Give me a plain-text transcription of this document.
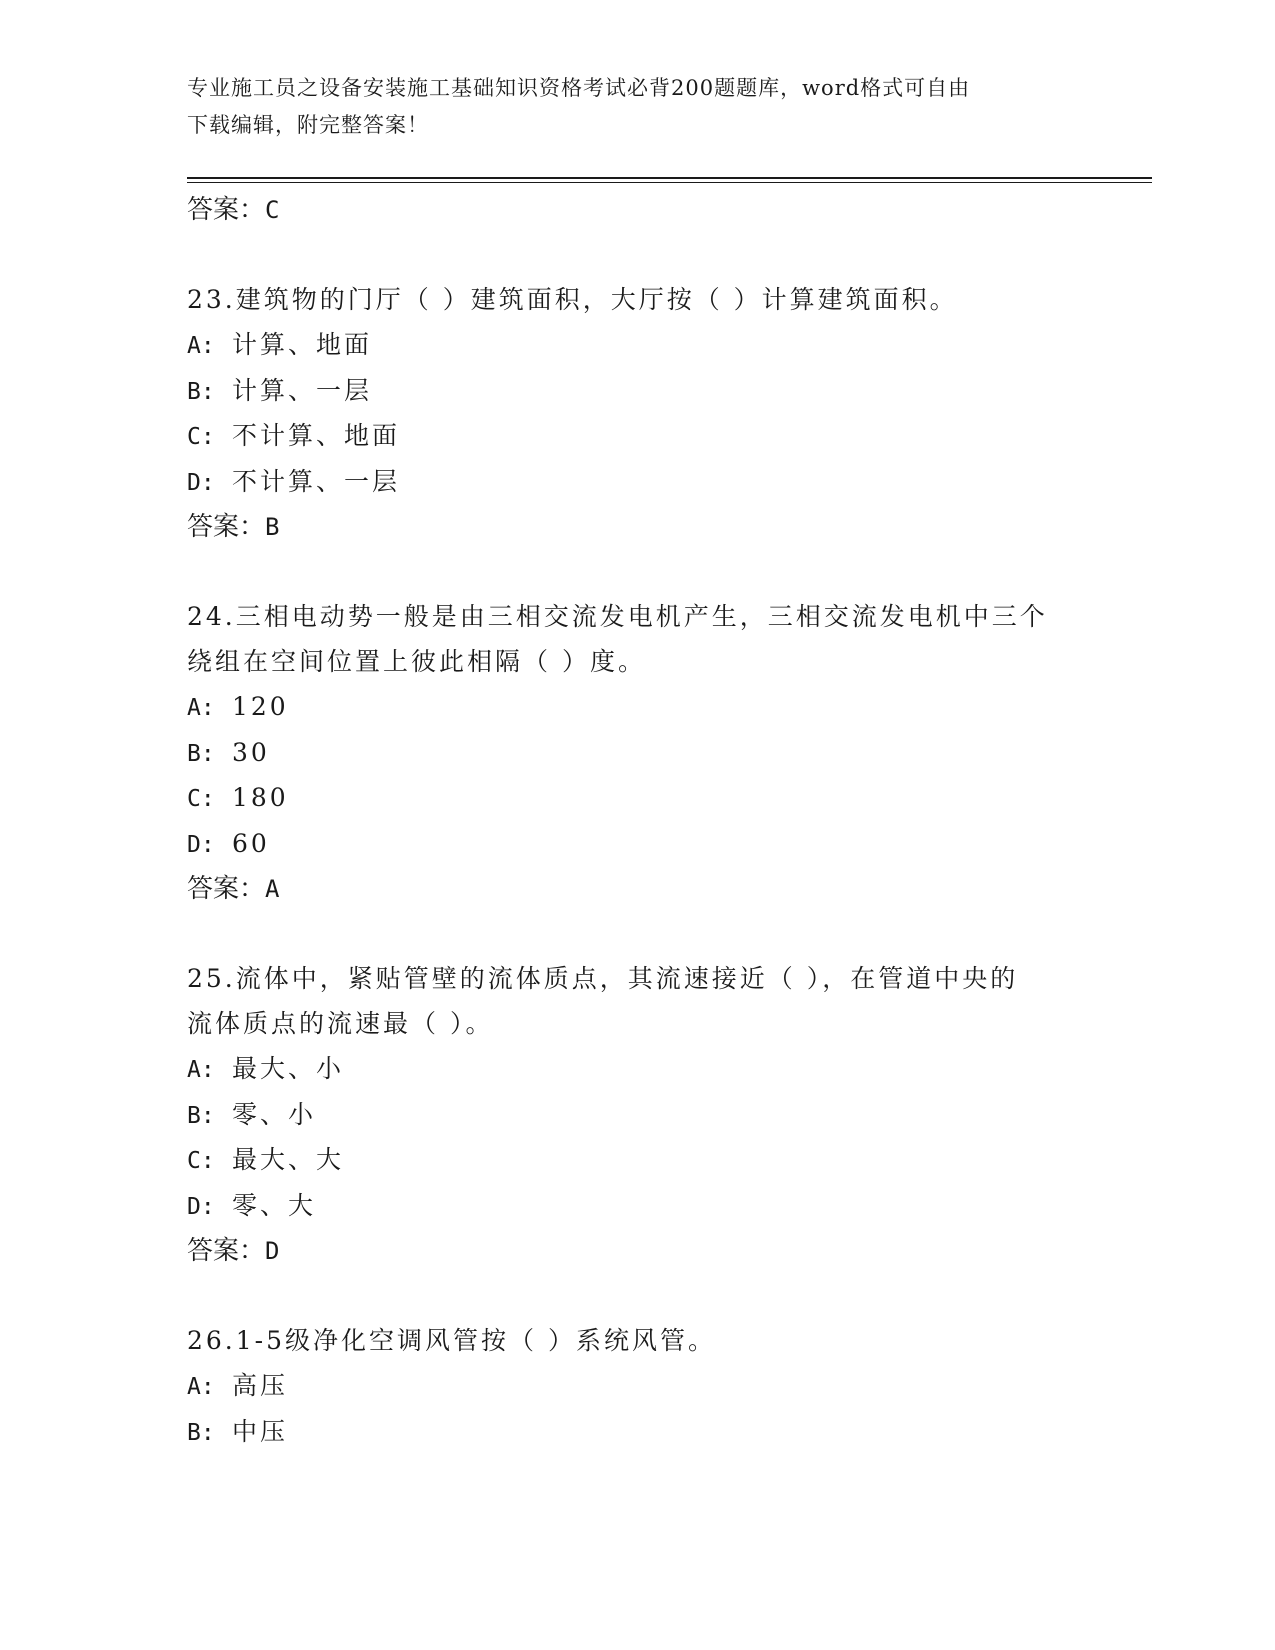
专业施工员之设备安装施工基础知识资格考试必背200题题库，word格式可自由
下载编辑，附完整答案！
答案：C
23.建筑物的门厅（ ）建筑面积，大厅按（ ）计算建筑面积。
A: 计算、地面
B: 计算、一层
C: 不计算、地面
D: 不计算、一层
答案：B
24.三相电动势一般是由三相交流发电机产生，三相交流发电机中三个
绕组在空间位置上彼此相隔（ ）度。
A: 120
B: 30
C: 180
D: 60
答案：A
25.流体中，紧贴管壁的流体质点，其流速接近（ ），在管道中央的
流体质点的流速最（ ）。
A: 最大、小
B: 零、小
C: 最大、大
D: 零、大
答案：D
26.1-5级净化空调风管按（ ）系统风管。
A: 高压
B: 中压
